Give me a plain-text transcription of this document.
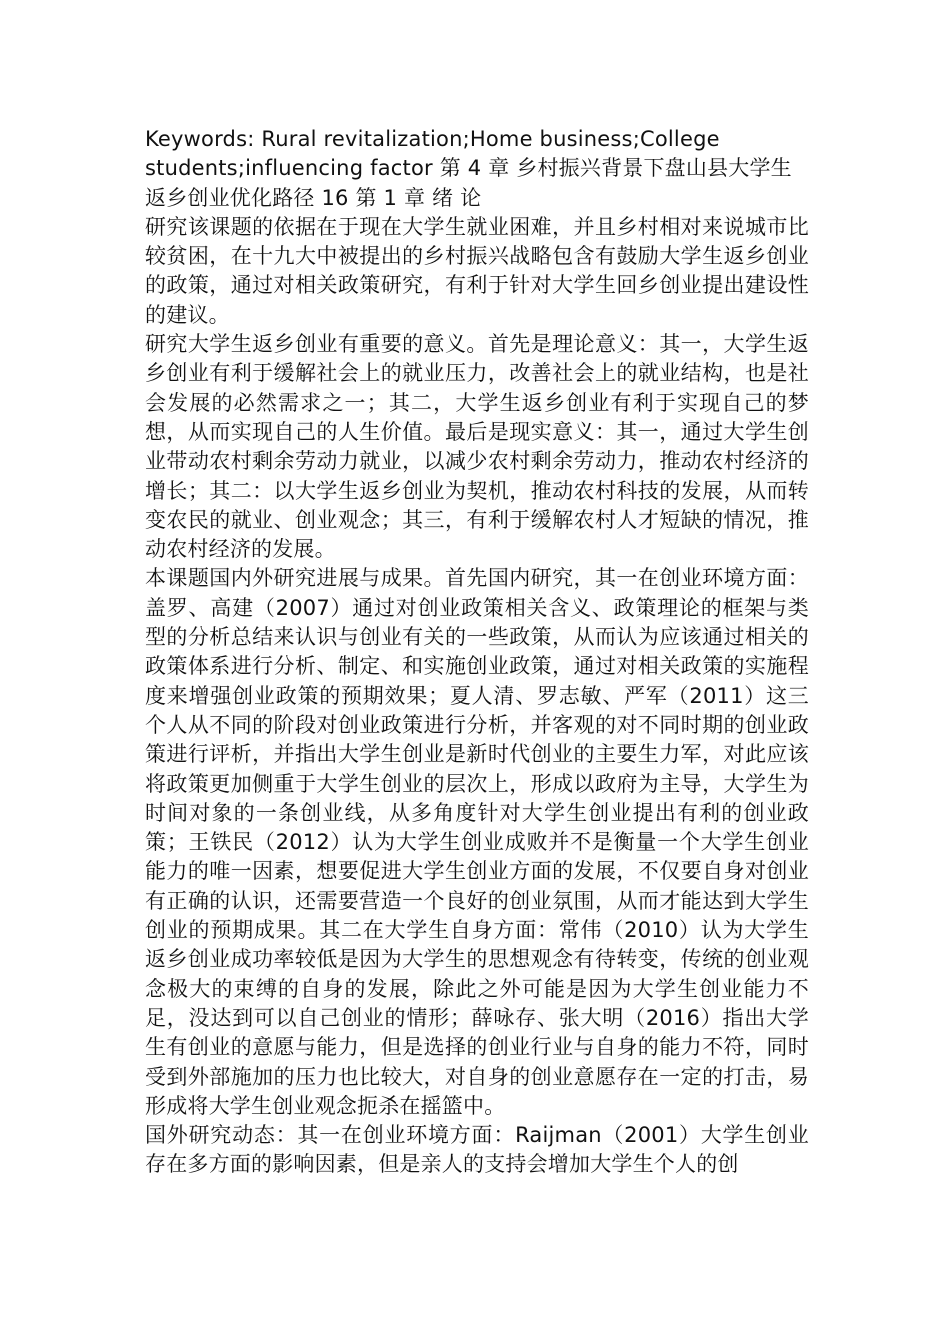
Keywords: Rural revitalization;Home business;College students;influencing factor 第 4 章 乡村振兴背景下盘山县大学生返乡创业优化路径 16 第 1 章 绪 论

研究该课题的依据在于现在大学生就业困难，并且乡村相对来说城市比较贫困，在十九大中被提出的乡村振兴战略包含有鼓励大学生返乡创业的政策，通过对相关政策研究，有利于针对大学生回乡创业提出建设性的建议。

研究大学生返乡创业有重要的意义。首先是理论意义：其一，大学生返乡创业有利于缓解社会上的就业压力，改善社会上的就业结构，也是社会发展的必然需求之一；其二，大学生返乡创业有利于实现自己的梦想，从而实现自己的人生价值。最后是现实意义：其一，通过大学生创业带动农村剩余劳动力就业，以减少农村剩余劳动力，推动农村经济的增长；其二：以大学生返乡创业为契机，推动农村科技的发展，从而转变农民的就业、创业观念；其三，有利于缓解农村人才短缺的情况，推动农村经济的发展。

本课题国内外研究进展与成果。首先国内研究，其一在创业环境方面：盖罗、高建（2007）通过对创业政策相关含义、政策理论的框架与类型的分析总结来认识与创业有关的一些政策，从而认为应该通过相关的政策体系进行分析、制定、和实施创业政策，通过对相关政策的实施程度来增强创业政策的预期效果；夏人清、罗志敏、严军（2011）这三个人从不同的阶段对创业政策进行分析，并客观的对不同时期的创业政策进行评析，并指出大学生创业是新时代创业的主要生力军，对此应该将政策更加侧重于大学生创业的层次上，形成以政府为主导，大学生为时间对象的一条创业线，从多角度针对大学生创业提出有利的创业政策；王铁民（2012）认为大学生创业成败并不是衡量一个大学生创业能力的唯一因素，想要促进大学生创业方面的发展，不仅要自身对创业有正确的认识，还需要营造一个良好的创业氛围，从而才能达到大学生创业的预期成果。其二在大学生自身方面：常伟（2010）认为大学生返乡创业成功率较低是因为大学生的思想观念有待转变，传统的创业观念极大的束缚的自身的发展，除此之外可能是因为大学生创业能力不足，没达到可以自己创业的情形；薛咏存、张大明（2016）指出大学生有创业的意愿与能力，但是选择的创业行业与自身的能力不符，同时受到外部施加的压力也比较大，对自身的创业意愿存在一定的打击，易形成将大学生创业观念扼杀在摇篮中。

国外研究动态：其一在创业环境方面：Raijman（2001）大学生创业存在多方面的影响因素，但是亲人的支持会增加大学生个人的创
